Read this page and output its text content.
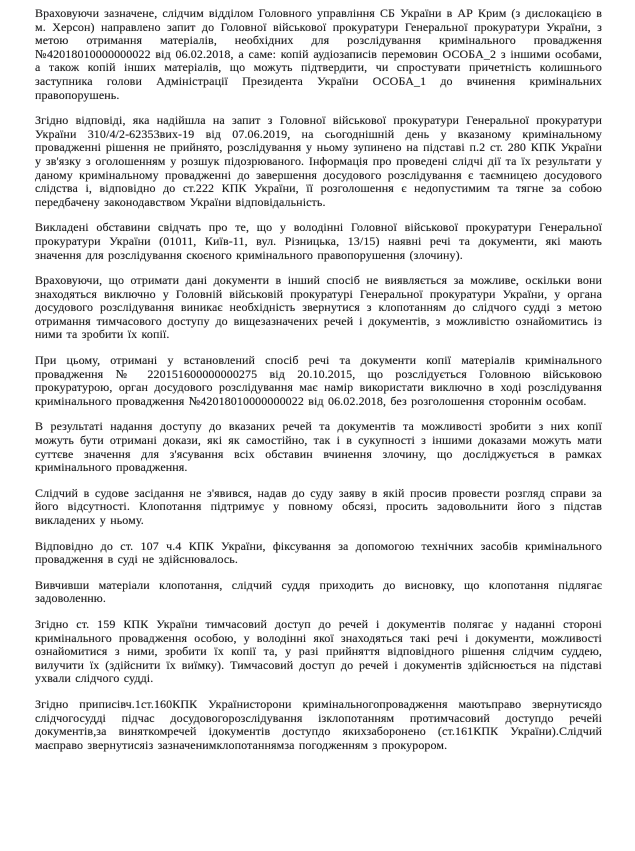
Враховуючи зазначене, слідчим відділом Головного управління СБ України в АР Крим (з дислокацією в м. Херсон) направлено запит до Головної військової прокуратури Генеральної прокуратури України, з метою отримання матеріалів, необхідних для розслідування кримінального провадження №42018010000000022 від 06.02.2018, а саме: копій аудіозаписів перемовин ОСОБА_2 з іншими особами, а також копій інших матеріалів, що можуть підтвердити, чи спростувати причетність колишнього заступника голови Адміністрації Президента України ОСОБА_1 до вчинення кримінальних правопорушень.

Згідно відповіді, яка надійшла на запит з Головної військової прокуратури Генеральної прокуратури України 310/4/2-62353вих-19 від 07.06.2019, на сьогоднішній день у вказаному кримінальному провадженні рішення не прийнято, розслідування у ньому зупинено на підставі п.2 ст. 280 КПК України у зв'язку з оголошенням у розшук підозрюваного. Інформація про проведені слідчі дії та їх результати у даному кримінальному провадженні до завершення досудового розслідування є таємницею досудового слідства і, відповідно до ст.222 КПК України, її розголошення є недопустимим та тягне за собою передбачену законодавством України відповідальність.

Викладені обставини свідчать про те, що у володінні Головної військової прокуратури Генеральної прокуратури України (01011, Київ-11, вул. Різницька, 13/15) наявні речі та документи, які мають значення для розслідування скоєного кримінального правопорушення (злочину).

Враховуючи, що отримати дані документи в інший спосіб не виявляється за можливе, оскільки вони знаходяться виключно у Головній військовій прокуратурі Генеральної прокуратури України, у органа досудового розслідування виникає необхідність звернутися з клопотанням до слідчого судді з метою отримання тимчасового доступу до вищезазначених речей і документів, з можливістю ознайомитись із ними та зробити їх копії.

При цьому, отримані у встановлений спосіб речі та документи копії матеріалів кримінального провадження № 220151600000000275 від 20.10.2015, що розслідується Головною військовою прокуратурою, орган досудового розслідування має намір використати виключно в ході розслідування кримінального провадження №42018010000000022 від 06.02.2018, без розголошення стороннім особам.

В результаті надання доступу до вказаних речей та документів та можливості зробити з них копії можуть бути отримані докази, які як самостійно, так і в сукупності з іншими доказами можуть мати суттєве значення для з'ясування всіх обставин вчинення злочину, що досліджується в рамках кримінального провадження.

Слідчий в судове засідання не з'явився, надав до суду заяву в якій просив провести розгляд справи за його відсутності. Клопотання підтримує у повному обсязі, просить задовольнити його з підстав викладених у ньому.

Відповідно до ст. 107 ч.4 КПК України, фіксування за допомогою технічних засобів кримінального провадження в суді не здійснювалось.

Вивчивши матеріали клопотання, слідчий суддя приходить до висновку, що клопотання підлягає задоволенню.

Згідно ст. 159 КПК України тимчасовий доступ до речей і документів полягає у наданні стороні кримінального провадження особою, у володінні якої знаходяться такі речі і документи, можливості ознайомитися з ними, зробити їх копії та, у разі прийняття відповідного рішення слідчим суддею, вилучити їх (здійснити їх виїмку). Тимчасовий доступ до речей і документів здійснюється на підставі ухвали слідчого судді.

Згідно приписівч.1ст.160КПК Українисторони кримінальногопровадження маютьправо звернутисядо слідчогосудді підчас досудовогорозслідування ізклопотанням протимчасовий доступдо речейі документів,за виняткомречей ідокументів доступдо якихзаборонено (ст.161КПК України).Слідчий маєправо звернутисяіз зазначенимклопотаннямза погодженням з прокурором.
